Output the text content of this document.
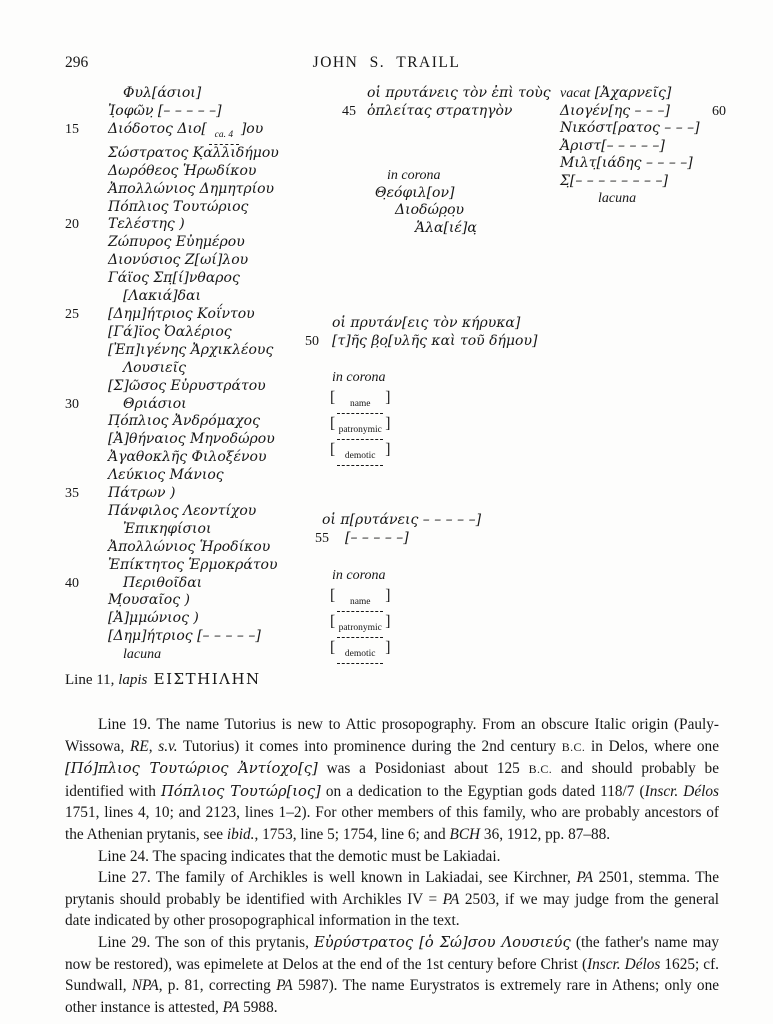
296	JOHN S. TRAILL
Φυλ[άσιοι]
Ἰ̣οφῶν̣ [– – – – –]
15 Διόδοτος Διο[ ca. 4 ]ου
Σώστρατος Κ̣αλλιδήμου
Δωρόθεος Ἡρωδίκου
Ἀπολλώνιος Δημητρίου
Πόπλιος Τουτώριος
20 Τελέστης )
Ζώπυρος Εὐημέρου
Διονύσιος Ζ[ωί]λου
Γάϊος Σπ̣[ί]νθαρος
[Λακιά]δαι
25 [Δημ]ήτριος Κοΐντου
[Γά]ϊος Ὀαλέριος
[Ἐπ]ιγένης Ἀρχικλέους
Λουσιεῖς
[Σ]ῶσος Εὐρυστράτου
30	Θριάσιοι
Π̣όπλιος Ἀνδρόμαχος
[Ἀ]θήναιος Μηνοδώρου
Ἀγαθοκλῆς Φιλοξένου
Λεύκιος Μάνιος
35 Πάτρων )
Πάνφιλος Λεοντίχου
Ἐπικηφίσιοι
Ἀπολλώνιος Ἡροδίκου
Ἐπίκτητος Ἑρμοκράτου
40	Περιθοῖδαι
Μ̣ουσαῖος )
[Ἀ]μμώνιος )
[Δημ]ήτριος [– – – – –]
lacuna
Line 11, lapis ΕΙΣΤΗΙΛΗΝ
οἱ πρυτάνεις τὸν ἐπὶ τοὺς
45 ὁπλείτας στρατηγὸν
in corona
Θ̣εόφιλ[ον]
Διοδώρ̣ο̣υ
Ἁλα[ιέ]α̣
οἱ πρυτάν[εις τὸν κήρυκα]
50 [τ]ῆς β̣ο̣[υλῆς καὶ τοῦ δήμου]
in corona
[ name ]
[ patronymic ]
[ demotic ]
οἱ π[ρυτάνεις – – – – –]
55 [– – – – –]
in corona
[ name ]
[ patronymic ]
[ demotic ]
vacat [Ἀχαρνεῖς]
Διογέν[ης – – –]	60
Νικόστ[ρατος – – –]
Ἀριστ[– – – – –]
Μιλτ̣[ιάδης – – – –]
Σ̣[– – – – – – – –]
lacuna

Line 19. The name Tutorius is new to Attic prosopography. From an obscure Italic origin (Pauly-Wissowa, RE, s.v. Tutorius) it comes into prominence during the 2nd century B.C. in Delos, where one [Πό]πλιος Τουτώριος Ἀντίοχο[ς] was a Posidoniast about 125 B.C. and should probably be identified with Πόπλιος Τουτώρ[ιος] on a dedication to the Egyptian gods dated 118/7 (Inscr. Délos 1751, lines 4, 10; and 2123, lines 1–2). For other members of this family, who are probably ancestors of the Athenian prytanis, see ibid., 1753, line 5; 1754, line 6; and BCH 36, 1912, pp. 87–88.

Line 24. The spacing indicates that the demotic must be Lakiadai.

Line 27. The family of Archikles is well known in Lakiadai, see Kirchner, PA 2501, stemma. The prytanis should probably be identified with Archikles IV = PA 2503, if we may judge from the general date indicated by other prosopographical information in the text.

Line 29. The son of this prytanis, Εὐρύστρατος [ὁ Σώ]σου Λουσιεύς (the father's name may now be restored), was epimelete at Delos at the end of the 1st century before Christ (Inscr. Délos 1625; cf. Sundwall, NPA, p. 81, correcting PA 5987). The name Eurystratos is extremely rare in Athens; only one other instance is attested, PA 5988.
